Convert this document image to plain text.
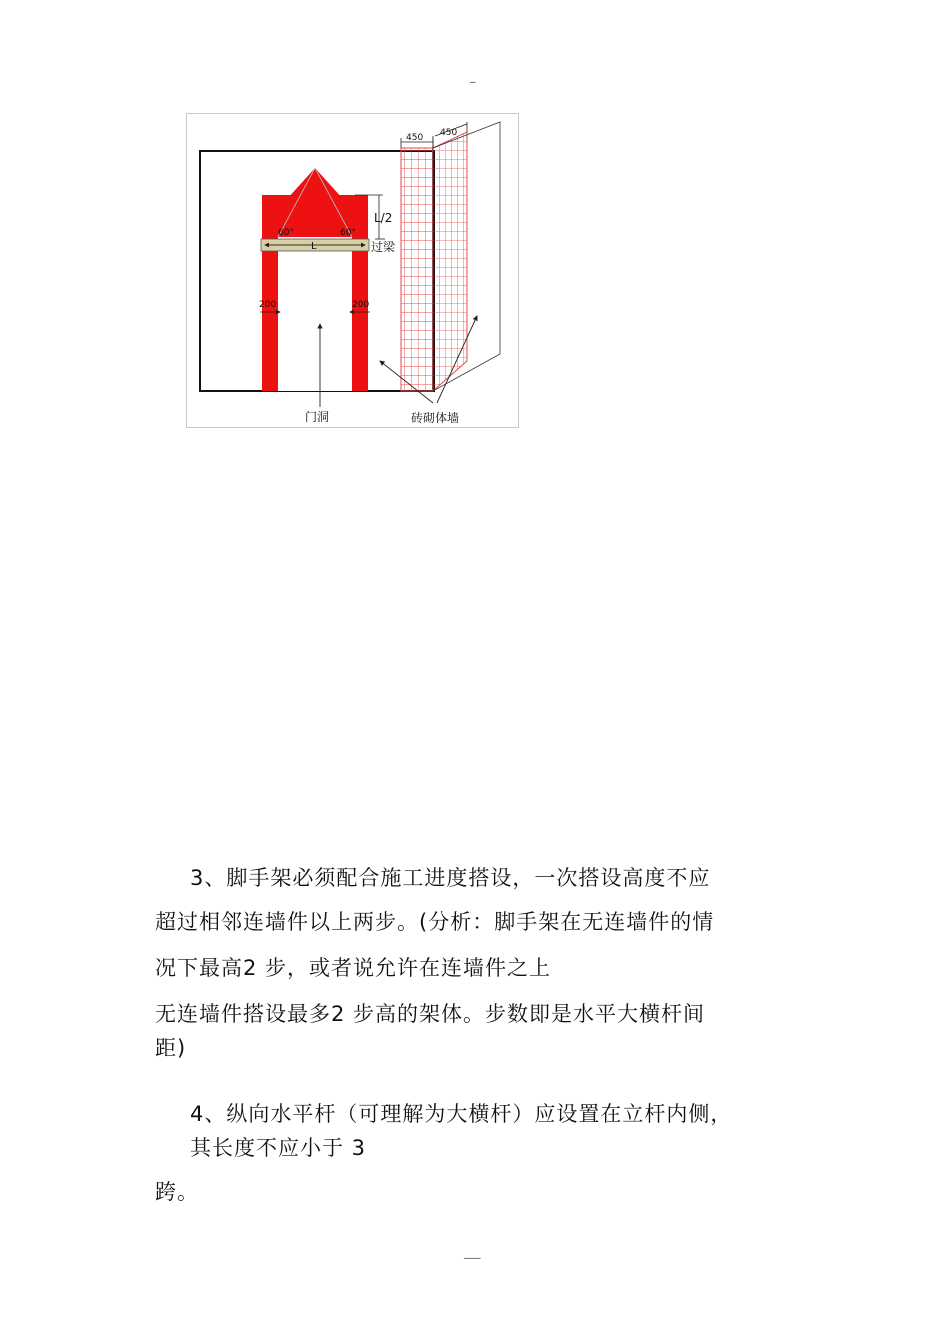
_
450 450
L/2
L
60°	60°
过梁
200	200
门洞	砖砌体墙
3、脚手架必须配合施工进度搭设，一次搭设高度不应
超过相邻连墙件以上两步。(分析：脚手架在无连墙件的情
况下最高2 步，或者说允许在连墙件之上
无连墙件搭设最多2 步高的架体。步数即是水平大横杆间
距)
4、纵向水平杆（可理解为大横杆）应设置在立杆内侧，
其长度不应小于 3
跨。
___
